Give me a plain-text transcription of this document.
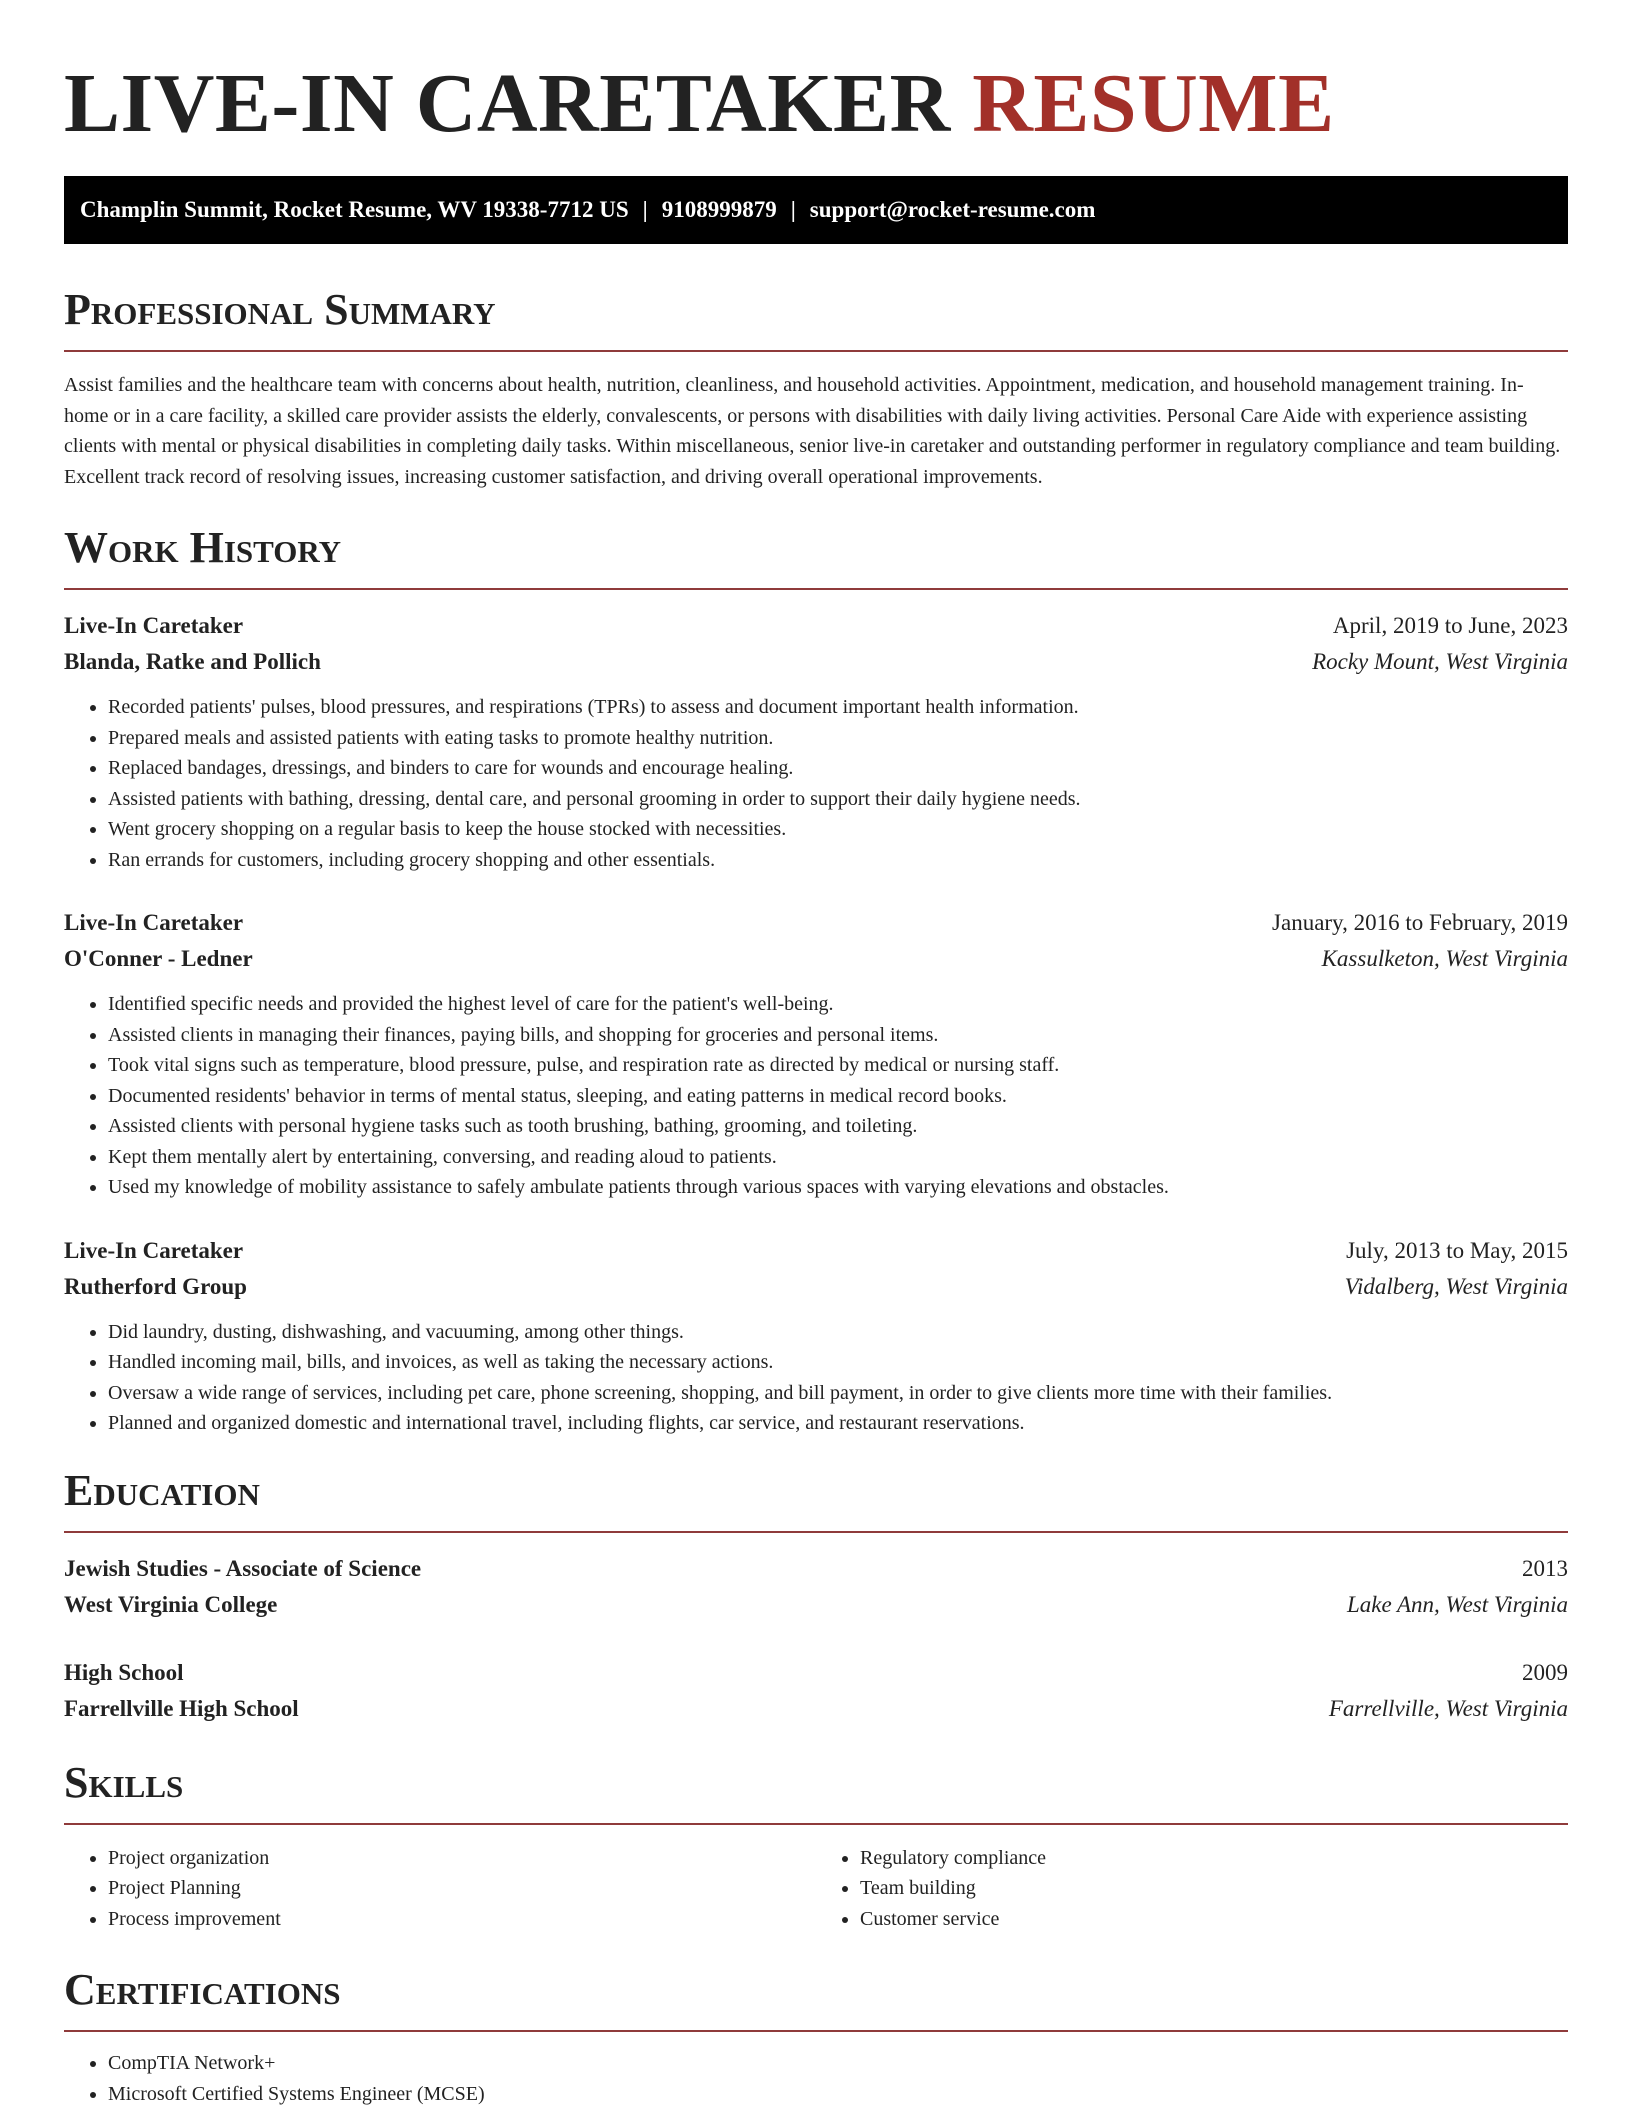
LIVE-IN CARETAKER RESUME
Champlin Summit, Rocket Resume, WV 19338-7712 US | 9108999879 | support@rocket-resume.com
Professional Summary

Assist families and the healthcare team with concerns about health, nutrition, cleanliness, and household activities. Appointment, medication, and household management training. In-home or in a care facility, a skilled care provider assists the elderly, convalescents, or persons with disabilities with daily living activities. Personal Care Aide with experience assisting clients with mental or physical disabilities in completing daily tasks. Within miscellaneous, senior live-in caretaker and outstanding performer in regulatory compliance and team building. Excellent track record of resolving issues, increasing customer satisfaction, and driving overall operational improvements.

Work History
Live-In Caretaker	April, 2019 to June, 2023
Blanda, Ratke and Pollich	Rocky Mount, West Virginia
• Recorded patients' pulses, blood pressures, and respirations (TPRs) to assess and document important health information.
• Prepared meals and assisted patients with eating tasks to promote healthy nutrition.
• Replaced bandages, dressings, and binders to care for wounds and encourage healing.
• Assisted patients with bathing, dressing, dental care, and personal grooming in order to support their daily hygiene needs.
• Went grocery shopping on a regular basis to keep the house stocked with necessities.
• Ran errands for customers, including grocery shopping and other essentials.
Live-In Caretaker	January, 2016 to February, 2019
O'Conner - Ledner	Kassulketon, West Virginia
• Identified specific needs and provided the highest level of care for the patient's well-being.
• Assisted clients in managing their finances, paying bills, and shopping for groceries and personal items.
• Took vital signs such as temperature, blood pressure, pulse, and respiration rate as directed by medical or nursing staff.
• Documented residents' behavior in terms of mental status, sleeping, and eating patterns in medical record books.
• Assisted clients with personal hygiene tasks such as tooth brushing, bathing, grooming, and toileting.
• Kept them mentally alert by entertaining, conversing, and reading aloud to patients.
• Used my knowledge of mobility assistance to safely ambulate patients through various spaces with varying elevations and obstacles.
Live-In Caretaker	July, 2013 to May, 2015
Rutherford Group	Vidalberg, West Virginia
• Did laundry, dusting, dishwashing, and vacuuming, among other things.
• Handled incoming mail, bills, and invoices, as well as taking the necessary actions.
• Oversaw a wide range of services, including pet care, phone screening, shopping, and bill payment, in order to give clients more time with their families.
• Planned and organized domestic and international travel, including flights, car service, and restaurant reservations.
Education
Jewish Studies - Associate of Science	2013
West Virginia College	Lake Ann, West Virginia
High School	2009
Farrellville High School	Farrellville, West Virginia
Skills
• Project organization
• Project Planning
• Process improvement
• Regulatory compliance
• Team building
• Customer service
Certifications
• CompTIA Network+
• Microsoft Certified Systems Engineer (MCSE)
